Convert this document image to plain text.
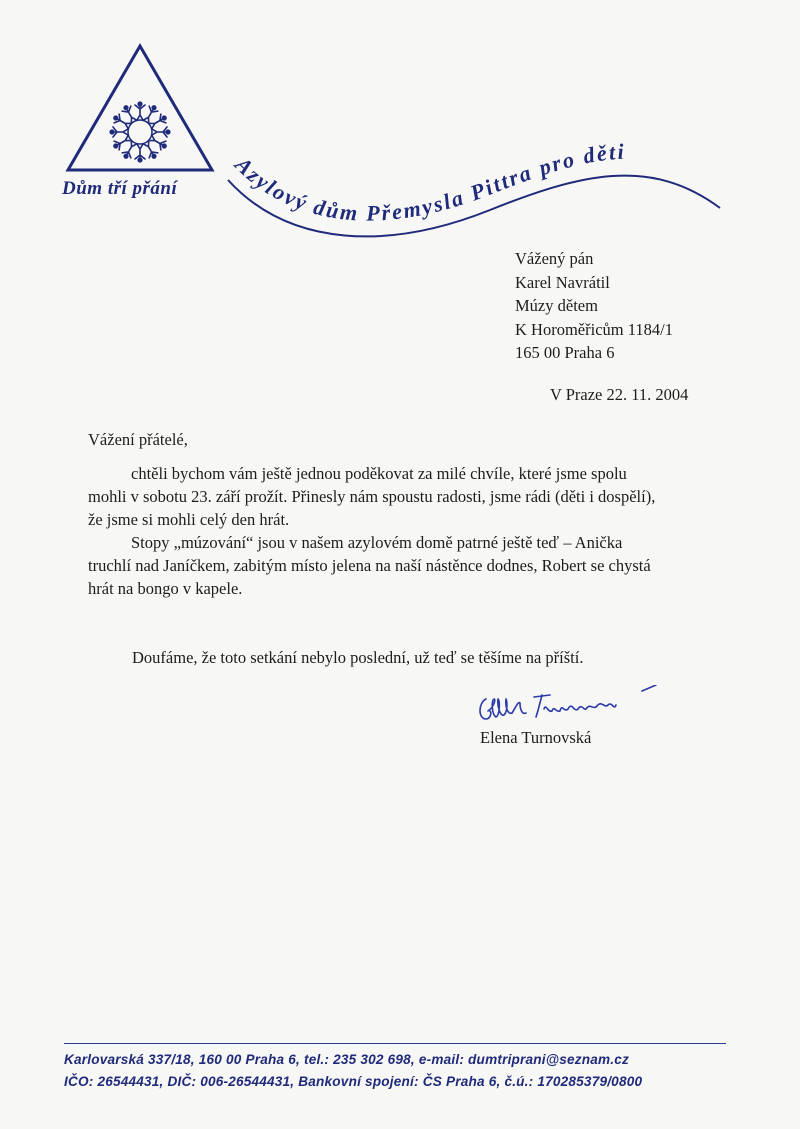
Dům tří přání
Azylový dům Přemysla Pittra pro děti
Vážený pán
Karel Navrátil
Múzy dětem
K Horoměřicům 1184/1
165 00 Praha 6
V Praze 22. 11. 2004
Vážení přátelé,
chtěli bychom vám ještě jednou poděkovat za milé chvíle, které jsme spolu
mohli v sobotu 23. září prožít. Přinesly nám spoustu radosti, jsme rádi (děti i dospělí),
že jsme si mohli celý den hrát.
Stopy „múzování“ jsou v našem azylovém domě patrné ještě teď – Anička
truchlí nad Janíčkem, zabitým místo jelena na naší nástěnce dodnes, Robert se chystá
hrát na bongo v kapele.
Doufáme, že toto setkání nebylo poslední, už teď se těšíme na příští.
Elena Turnovská
Karlovarská 337/18, 160 00 Praha 6, tel.: 235 302 698, e-mail: dumtriprani@seznam.cz
IČO: 26544431, DIČ: 006-26544431, Bankovní spojení: ČS Praha 6, č.ú.: 170285379/0800
